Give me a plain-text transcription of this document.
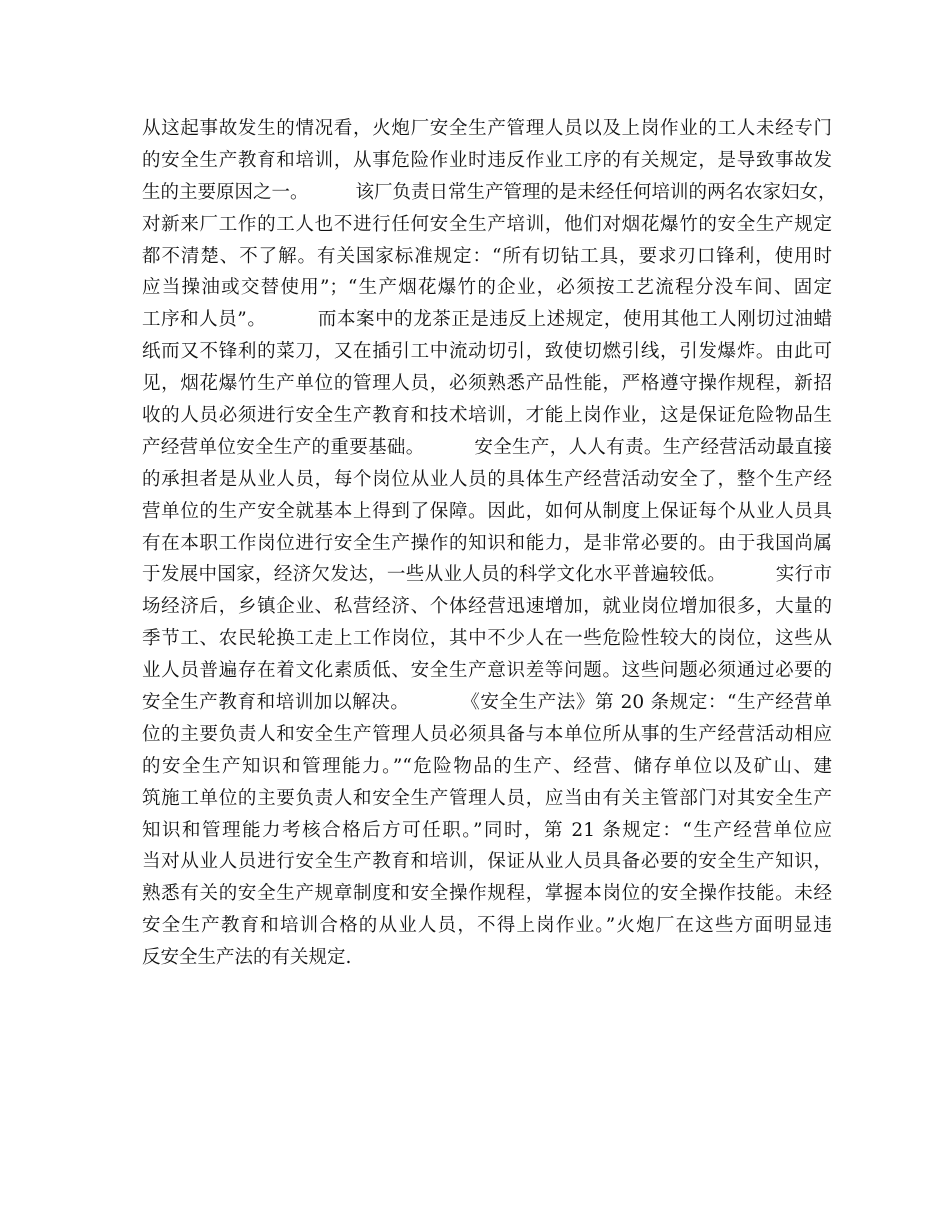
从这起事故发生的情况看，火炮厂安全生产管理人员以及上岗作业的工人未经专门
的安全生产教育和培训，从事危险作业时违反作业工序的有关规定，是导致事故发
生的主要原因之一。        该厂负责日常生产管理的是未经任何培训的两名农家妇女，
对新来厂工作的工人也不进行任何安全生产培训，他们对烟花爆竹的安全生产规定
都不清楚、不了解。有关国家标准规定：“所有切钻工具，要求刃口锋利，使用时
应当操油或交替使用”；“生产烟花爆竹的企业，必须按工艺流程分没车间、固定
工序和人员”。        而本案中的龙茶正是违反上述规定，使用其他工人刚切过油蜡
纸而又不锋利的菜刀，又在插引工中流动切引，致使切燃引线，引发爆炸。由此可
见，烟花爆竹生产单位的管理人员，必须熟悉产品性能，严格遵守操作规程，新招
收的人员必须进行安全生产教育和技术培训，才能上岗作业，这是保证危险物品生
产经营单位安全生产的重要基础。        安全生产，人人有责。生产经营活动最直接
的承担者是从业人员，每个岗位从业人员的具体生产经营活动安全了，整个生产经
营单位的生产安全就基本上得到了保障。因此，如何从制度上保证每个从业人员具
有在本职工作岗位进行安全生产操作的知识和能力，是非常必要的。由于我国尚属
于发展中国家，经济欠发达，一些从业人员的科学文化水平普遍较低。        实行市
场经济后，乡镇企业、私营经济、个体经营迅速增加，就业岗位增加很多，大量的
季节工、农民轮换工走上工作岗位，其中不少人在一些危险性较大的岗位，这些从
业人员普遍存在着文化素质低、安全生产意识差等问题。这些问题必须通过必要的
安全生产教育和培训加以解决。        《安全生产法》第 20 条规定：“生产经营单
位的主要负责人和安全生产管理人员必须具备与本单位所从事的生产经营活动相应
的安全生产知识和管理能力。”“危险物品的生产、经营、储存单位以及矿山、建
筑施工单位的主要负责人和安全生产管理人员，应当由有关主管部门对其安全生产
知识和管理能力考核合格后方可任职。”同时，第 21 条规定：“生产经营单位应
当对从业人员进行安全生产教育和培训，保证从业人员具备必要的安全生产知识，
熟悉有关的安全生产规章制度和安全操作规程，掌握本岗位的安全操作技能。未经
安全生产教育和培训合格的从业人员，不得上岗作业。”火炮厂在这些方面明显违
反安全生产法的有关规定.
